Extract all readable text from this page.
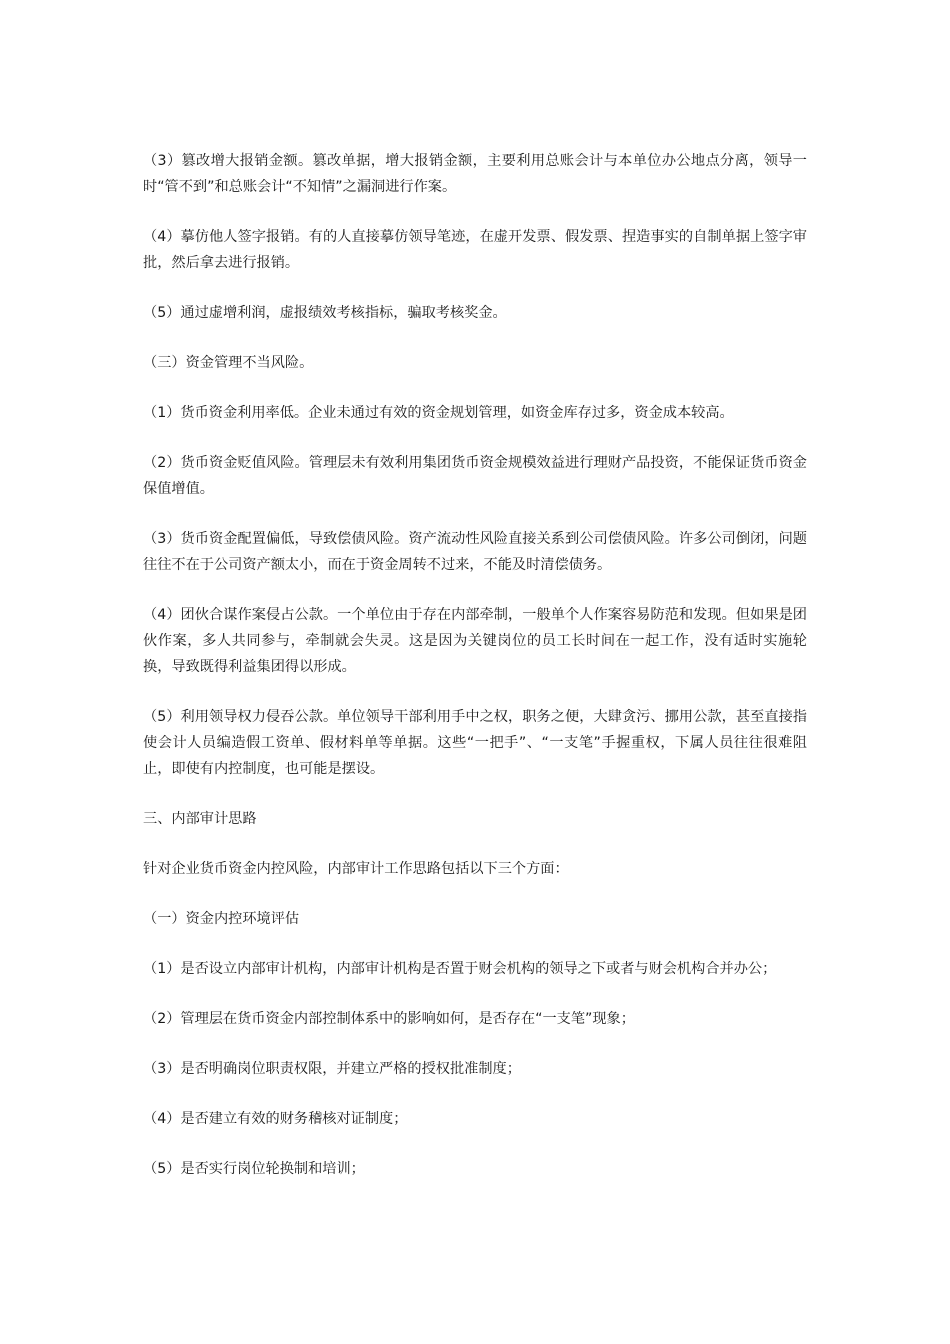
（3）篡改增大报销金额。篡改单据，增大报销金额，主要利用总账会计与本单位办公地点分离，领导一时“管不到”和总账会计“不知情”之漏洞进行作案。

（4）摹仿他人签字报销。有的人直接摹仿领导笔迹，在虚开发票、假发票、捏造事实的自制单据上签字审批，然后拿去进行报销。

（5）通过虚增利润，虚报绩效考核指标，骗取考核奖金。

（三）资金管理不当风险。

（1）货币资金利用率低。企业未通过有效的资金规划管理，如资金库存过多，资金成本较高。

（2）货币资金贬值风险。管理层未有效利用集团货币资金规模效益进行理财产品投资，不能保证货币资金保值增值。

（3）货币资金配置偏低，导致偿债风险。资产流动性风险直接关系到公司偿债风险。许多公司倒闭，问题往往不在于公司资产额太小，而在于资金周转不过来，不能及时清偿债务。

（4）团伙合谋作案侵占公款。一个单位由于存在内部牵制，一般单个人作案容易防范和发现。但如果是团伙作案，多人共同参与，牵制就会失灵。这是因为关键岗位的员工长时间在一起工作，没有适时实施轮换，导致既得利益集团得以形成。

（5）利用领导权力侵吞公款。单位领导干部利用手中之权，职务之便，大肆贪污、挪用公款，甚至直接指使会计人员编造假工资单、假材料单等单据。这些“一把手”、“一支笔”手握重权，下属人员往往很难阻止，即使有内控制度，也可能是摆设。

三、内部审计思路

针对企业货币资金内控风险，内部审计工作思路包括以下三个方面：

（一）资金内控环境评估

（1）是否设立内部审计机构，内部审计机构是否置于财会机构的领导之下或者与财会机构合并办公；

（2）管理层在货币资金内部控制体系中的影响如何，是否存在“一支笔”现象；

（3）是否明确岗位职责权限，并建立严格的授权批准制度；

（4）是否建立有效的财务稽核对证制度；

（5）是否实行岗位轮换制和培训；
